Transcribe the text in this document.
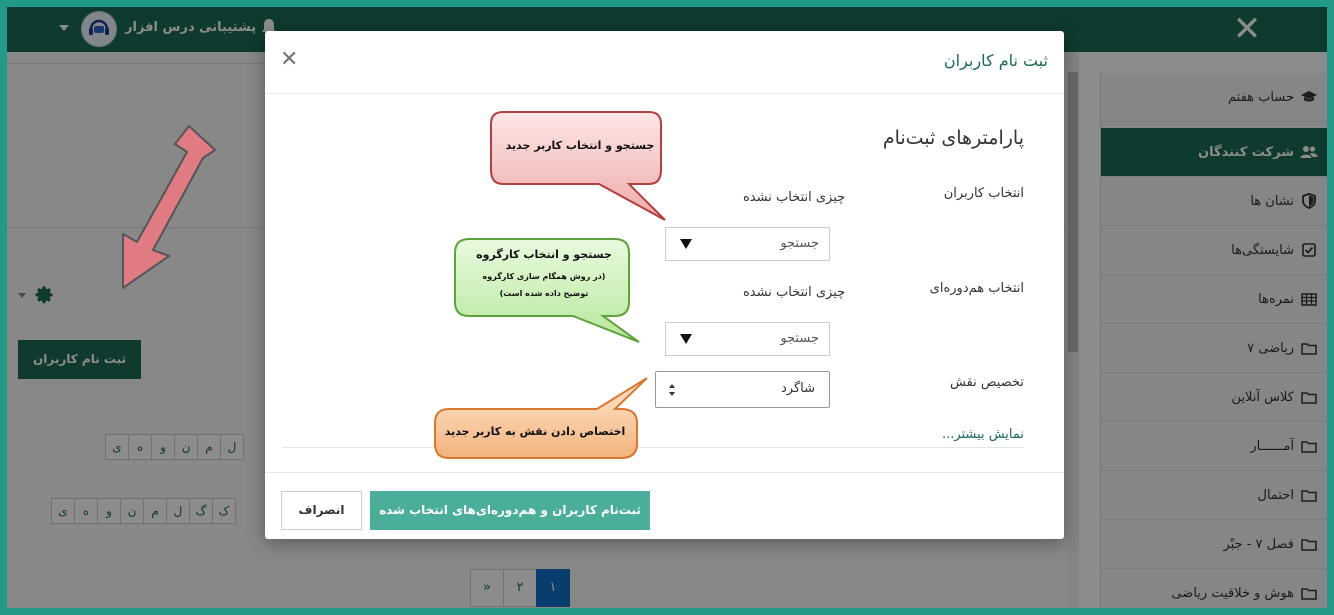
پشتیبانی درس افزار	✕
ثبت نام کاربران
ی	ه	و	ن	م	ل
ی	ه	و	ن	م	ل	گ	ک
»	۲	۱
حساب هفتم
شرکت کنندگان
نشان ها
شایستگی‌ها
نمره‌ها
ریاضی ۷
کلاس آنلاین
آمــــــار
احتمال
فصل ۷ - جبْر
هوش و خلاقیت ریاضی
ثبت نام کاربران
✕
پارامترهای ثبت‌نام
انتخاب کاربران
چیزی انتخاب نشده
جستجو
انتخاب هم‌دوره‌ای
چیزی انتخاب نشده
جستجو
تخصیص نقش
شاگرد
نمایش بیشتر...
ثبت‌نام کاربران و هم‌دوره‌ای‌های انتخاب شده
انصراف
جستجو و انتخاب کاربر جدید
جستجو و انتخاب کارگروه
(در روش همگام سازی کارگروه
توضیح داده شده است)
اختصاص دادن نقش به کاربر جدید
